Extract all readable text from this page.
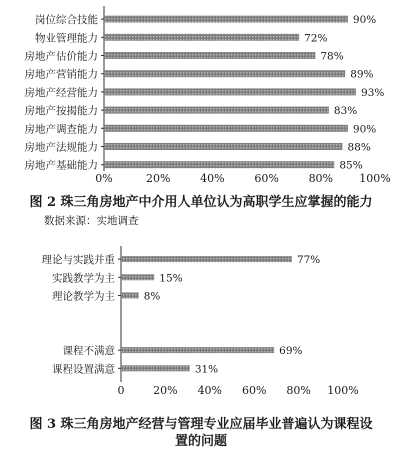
岗位综合技能	90%
物业管理能力	72%
房地产估价能力	78%
房地产营销能力	89%
房地产经营能力	93%
房地产按揭能力	83%
房地产调查能力	90%
房地产法规能力	88%
房地产基础能力	85%
0%	20%	40%	60%	80% 100%
理论与实践并重	77%
实践教学为主	15%
理论教学为主	8%
课程不满意	69%
课程设置满意	31%
0	20% 40% 60% 80% 100%
图 2 珠三角房地产中介用人单位认为高职学生应掌握的能力
数据来源：实地调查
图 3 珠三角房地产经营与管理专业应届毕业普遍认为课程设
置的问题
